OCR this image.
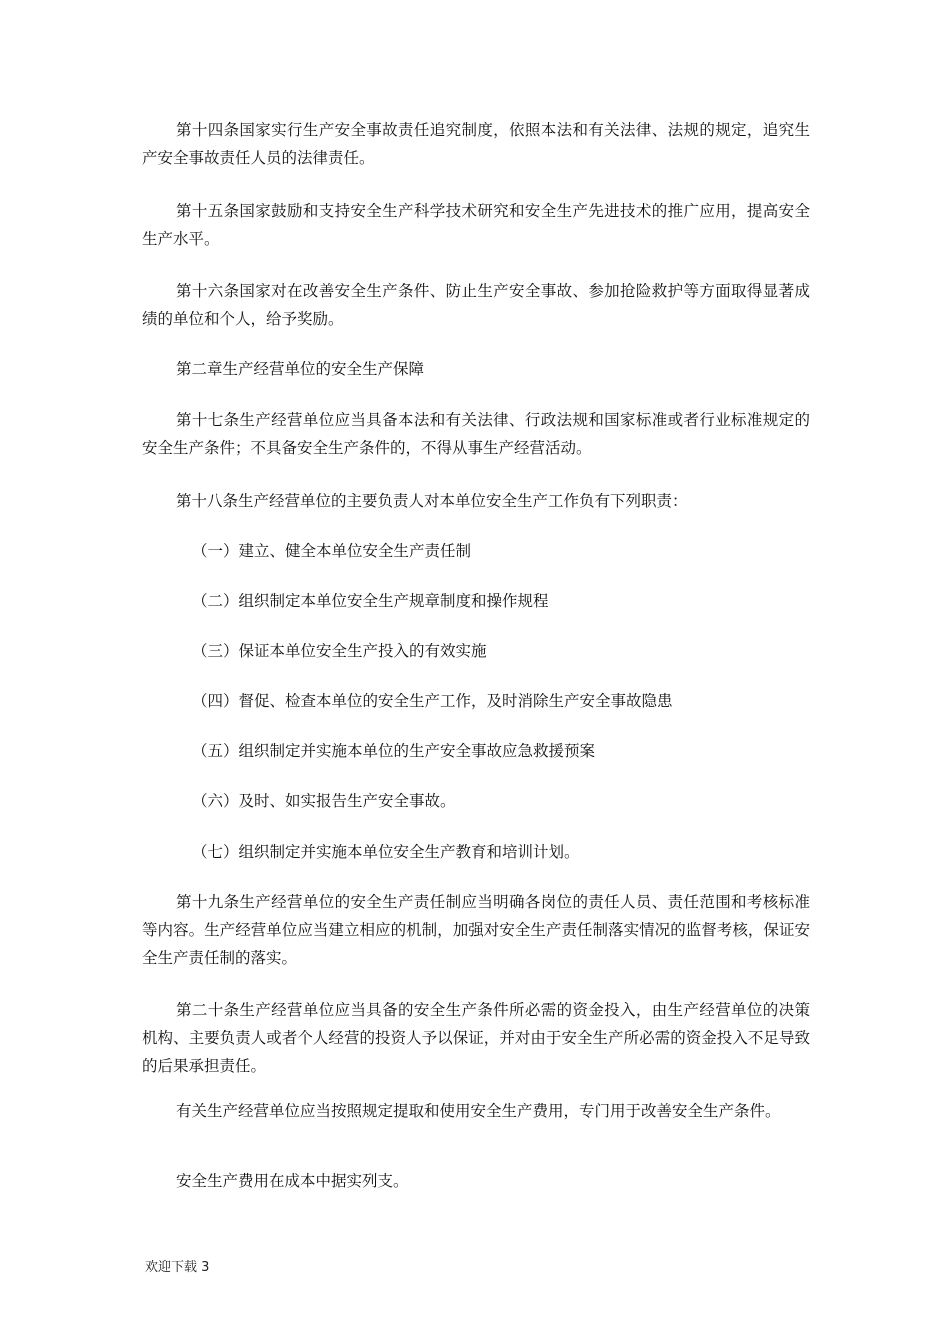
第十四条国家实行生产安全事故责任追究制度，依照本法和有关法律、法规的规定，追究生产安全事故责任人员的法律责任。

第十五条国家鼓励和支持安全生产科学技术研究和安全生产先进技术的推广应用，提高安全生产水平。

第十六条国家对在改善安全生产条件、防止生产安全事故、参加抢险救护等方面取得显著成绩的单位和个人，给予奖励。

第二章生产经营单位的安全生产保障

第十七条生产经营单位应当具备本法和有关法律、行政法规和国家标准或者行业标准规定的安全生产条件；不具备安全生产条件的，不得从事生产经营活动。

第十八条生产经营单位的主要负责人对本单位安全生产工作负有下列职责：

（一）建立、健全本单位安全生产责任制

（二）组织制定本单位安全生产规章制度和操作规程

（三）保证本单位安全生产投入的有效实施

（四）督促、检查本单位的安全生产工作，及时消除生产安全事故隐患

（五）组织制定并实施本单位的生产安全事故应急救援预案

（六）及时、如实报告生产安全事故。

（七）组织制定并实施本单位安全生产教育和培训计划。

第十九条生产经营单位的安全生产责任制应当明确各岗位的责任人员、责任范围和考核标准等内容。生产经营单位应当建立相应的机制，加强对安全生产责任制落实情况的监督考核，保证安全生产责任制的落实。

第二十条生产经营单位应当具备的安全生产条件所必需的资金投入，由生产经营单位的决策机构、主要负责人或者个人经营的投资人予以保证，并对由于安全生产所必需的资金投入不足导致的后果承担责任。

有关生产经营单位应当按照规定提取和使用安全生产费用，专门用于改善安全生产条件。

安全生产费用在成本中据实列支。

欢迎下载 3
